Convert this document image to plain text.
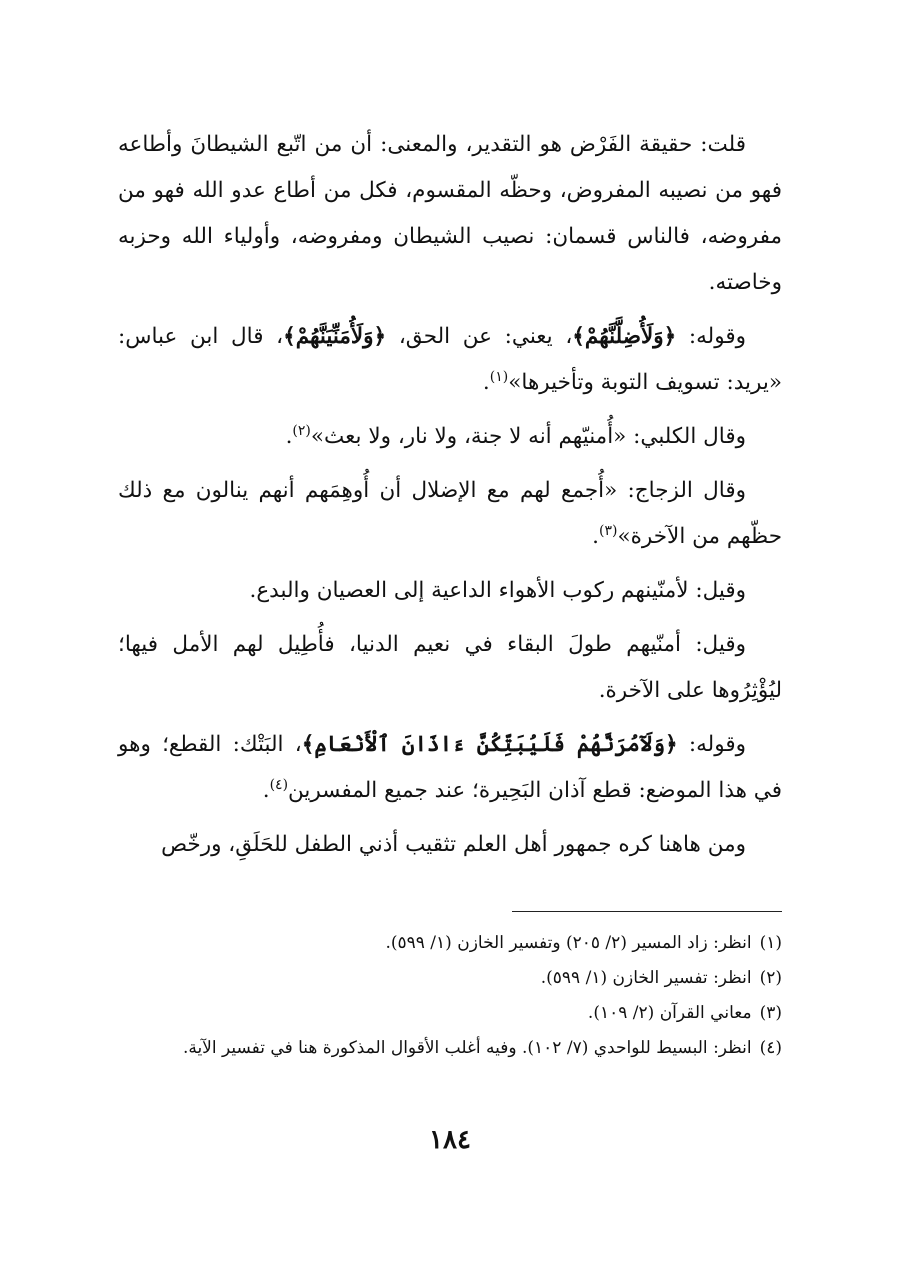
قلت: حقيقة الفَرْض هو التقدير، والمعنى: أن من اتّبع الشيطانَ وأطاعه فهو من نصيبه المفروض، وحظّه المقسوم، فكل من أطاع عدو الله فهو من مفروضه، فالناس قسمان: نصيب الشيطان ومفروضه، وأولياء الله وحزبه وخاصته.

وقوله: ﴿وَلَأُضِلَّنَّهُمْ﴾، يعني: عن الحق، ﴿وَلَأُمَنِّيَنَّهُمْ﴾، قال ابن عباس: «يريد: تسويف التوبة وتأخيرها»$^{(١)}$.

وقال الكلبي: «أُمنيّهم أنه لا جنة، ولا نار، ولا بعث»$^{(٢)}$.

وقال الزجاج: «أُجمع لهم مع الإضلال أن أُوهِمَهم أنهم ينالون مع ذلك حظّهم من الآخرة»$^{(٣)}$.

وقيل: لأمنّينهم ركوب الأهواء الداعية إلى العصيان والبدع.

وقيل: أمنّيهم طولَ البقاء في نعيم الدنيا، فأُطِيل لهم الأمل فيها؛ ليُؤْثِرُوها على الآخرة.

وقوله: ﴿وَلَآمُرَنَّهُمْ فَلَيُبَتِّكُنَّ ءَاذَانَ ٱلْأَنْعَامِ﴾، البَتْك: القطع؛ وهو في هذا الموضع: قطع آذان البَحِيرة؛ عند جميع المفسرين$^{(٤)}$.

ومن هاهنا كره جمهور أهل العلم تثقيب أذني الطفل للحَلَقِ، ورخّص

(١)
انظر: زاد المسير (٢/ ٢٠٥) وتفسير الخازن (١/ ٥٩٩).

(٢)
انظر: تفسير الخازن (١/ ٥٩٩).

(٣)
معاني القرآن (٢/ ١٠٩).

(٤)
انظر: البسيط للواحدي (٧/ ١٠٢). وفيه أغلب الأقوال المذكورة هنا في تفسير الآية.

١٨٤
